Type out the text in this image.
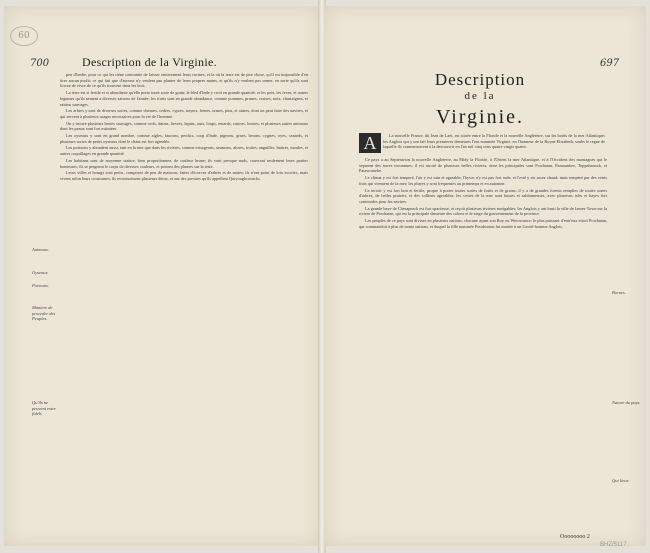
60
700	Description de la Virginie.

peu d'herbe, pour ce qui les tiéne contrainte de laisser entierement leurs racines, et la où la terre est de pire chose, qu'il est impossible d'en tirer aucun profit; ce qui fait que d'aucuns n'y veulent pas planter de leurs propres mains, et qu'ils n'y veulent pas semer, en sorte qu'ils sont forcez de vivre de ce qu'ils trouvent dans les bois.

La terre est si fertile et si abondante qu'elle porte toute sorte de grain; le bled d'Inde y croit en grande quantité, et les pois, les feves, et autres legumes qu'ils sement a diverses saisons de l'année; les fruits sont en grande abondance, comme pommes, prunes, cerises, noix, chastaignes, et raisins sauvages.

Les arbres y sont de diverses sortes, comme chesnes, cedres, cypres, noyers, frenes, ormes, pins, et autres, dont on peut faire des navires, et qui servent à plusieurs usages necessaires pour la vie de l'homme.

On y trouve plusieurs bestes sauvages, comme cerfs, daims, lievres, lapins, ours, loups, renards, castors, loutres, et plusieurs autres animaux dont les peaux sont fort estimées.

Les oyseaux y sont en grand nombre, comme aigles, faucons, perdrix, coqs d'Inde, pigeons, grues, herons, cygnes, oyes, canards, et plusieurs sortes de petits oyseaux dont le chant est fort agreable.

Les poissons y abondent aussi, tant en la mer que dans les rivieres, comme esturgeons, saumons, aloses, truites, anguilles, huitres, moules, et autres coquillages en grande quantité.

Les habitans sont de moyenne stature, bien proportionnez, de couleur brune; ils vont presque nuds, couvrant seulement leurs parties honteuses; ils se peignent le corps de diverses couleurs, et portent des plumes sur la teste.

Leurs villes et bourgs sont petits, composez de peu de maisons, faites d'écorces d'arbres et de nattes; ils n'ont point de loix escrites, mais vivent selon leurs coustumes; ils reconnoissent plusieurs dieux, et ont des prestres qu'ils appellent Quiyoughcosucks.

Animaux.
Oyseaux.
Poissons.
Maniere de proceder des Peuples.
Qu'ils ne peuvent estre fidels
697
Description
de la
Virginie.
A	La nouvelle France, dit Jean de Laet, est située entre la Floride et la nouvelle Angleterre, sur les bords de la mer Atlantique; les Anglois qui y ont fait leurs premieres demeures l'ont nommée Virginie, en l'honneur de la Royne Elizabeth, soubs le regne de laquelle ils commencerent à la descouvrir en l'an mil cinq cens quatre vingts quatre.

Ce pays a au Septentrion la nouvelle Angleterre, au Midy la Floride, à l'Orient la mer Atlantique, et à l'Occident des montagnes qui le separent des terres inconnues; il est arrosé de plusieurs belles rivieres, dont les principales sont Powhatan, Pamaunkee, Toppahanock, et Patawomeke.

Le climat y est fort temperé, l'air y est sain et agreable; l'hyver n'y est pas fort rude, et l'esté y est assez chaud, mais tempéré par des vents frais qui viennent de la mer; les pluyes y sont frequentes au printemps et en automne.

Le terroir y est fort bon et fertile, propre à porter toutes sortes de fruits et de grains; il y a de grandes forests remplies de toutes sortes d'arbres, de belles prairies, et des collines agreables; les costes de la mer sont basses et sablonneuses, avec plusieurs isles et bayes fort commodes pour les navires.

La grande baye de Chesapeack est fort spacieuse, et reçoit plusieurs rivieres navigables; les Anglois y ont basti la ville de James-Town sur la riviere de Powhatan, qui est la principale demeure des colons et le siege du gouvernement de la province.

Les peuples de ce pays sont divisez en plusieurs nations, chacune ayant son Roy ou Werowance; le plus puissant d'entr'eux estoit Powhatan, qui commandoit à plus de trente nations, et duquel la fille nommée Pocahontas fut mariée à un Gentil-homme Anglois.

Bornes.
Nature du pays.
Qui lieux
Oooooooo 2
BHZ/5117
